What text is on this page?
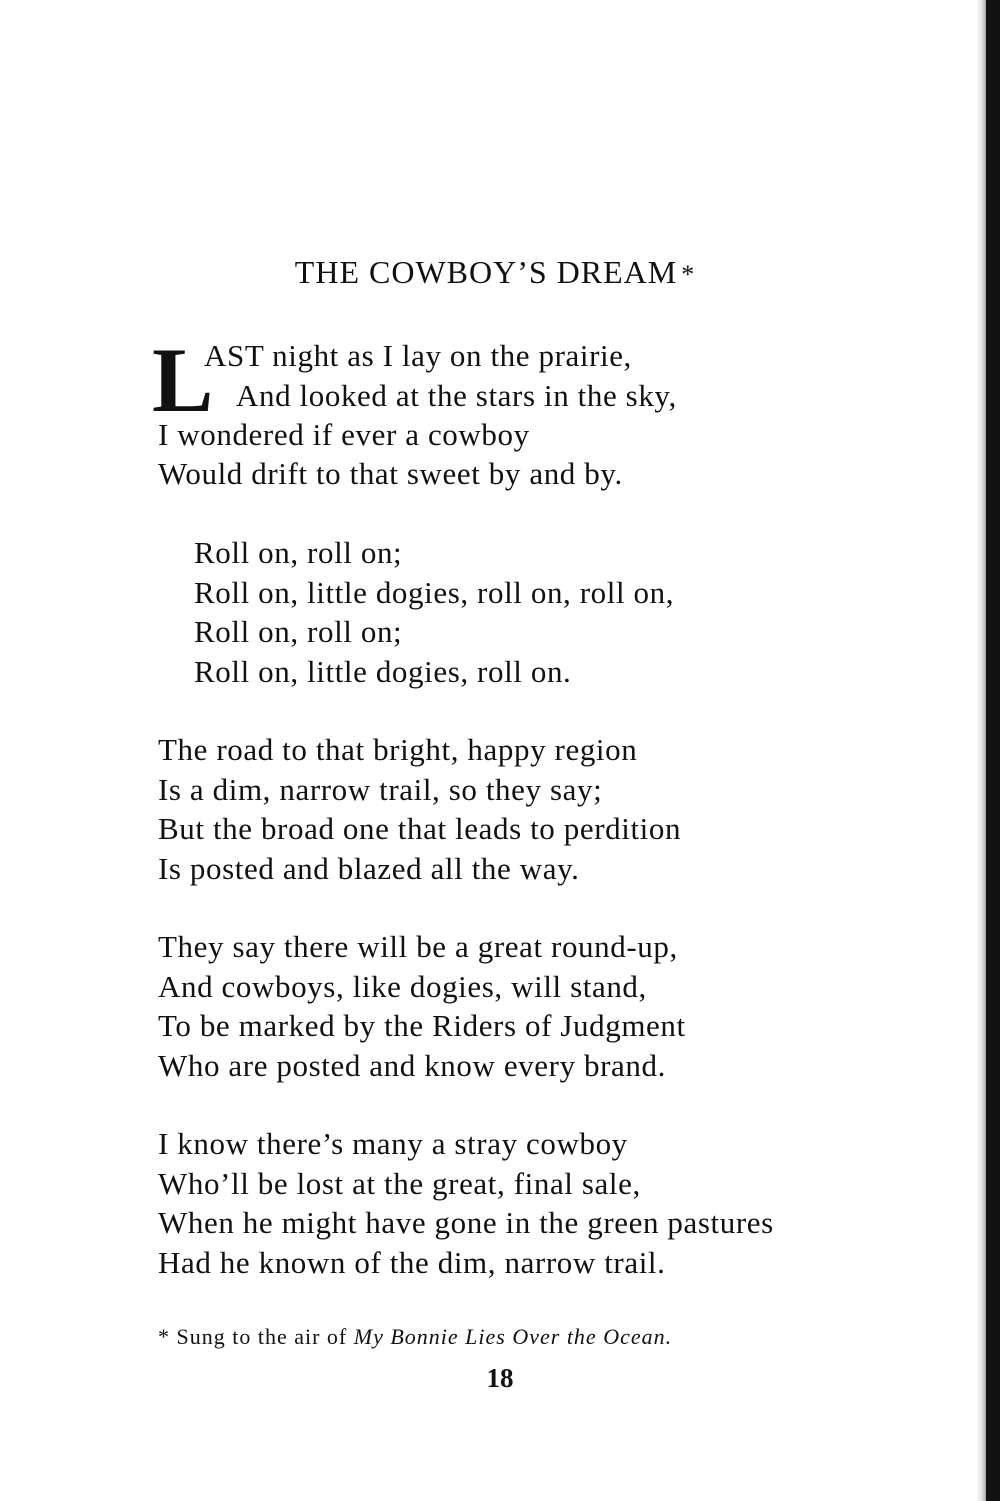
THE COWBOY’S DREAM *
L
AST night as I lay on the prairie,
And looked at the stars in the sky,
I wondered if ever a cowboy
Would drift to that sweet by and by.
Roll on, roll on;
Roll on, little dogies, roll on, roll on,
Roll on, roll on;
Roll on, little dogies, roll on.
The road to that bright, happy region
Is a dim, narrow trail, so they say;
But the broad one that leads to perdition
Is posted and blazed all the way.
They say there will be a great round-up,
And cowboys, like dogies, will stand,
To be marked by the Riders of Judgment
Who are posted and know every brand.
I know there’s many a stray cowboy
Who’ll be lost at the great, final sale,
When he might have gone in the green pastures
Had he known of the dim, narrow trail.
* Sung to the air of My Bonnie Lies Over the Ocean.
18
